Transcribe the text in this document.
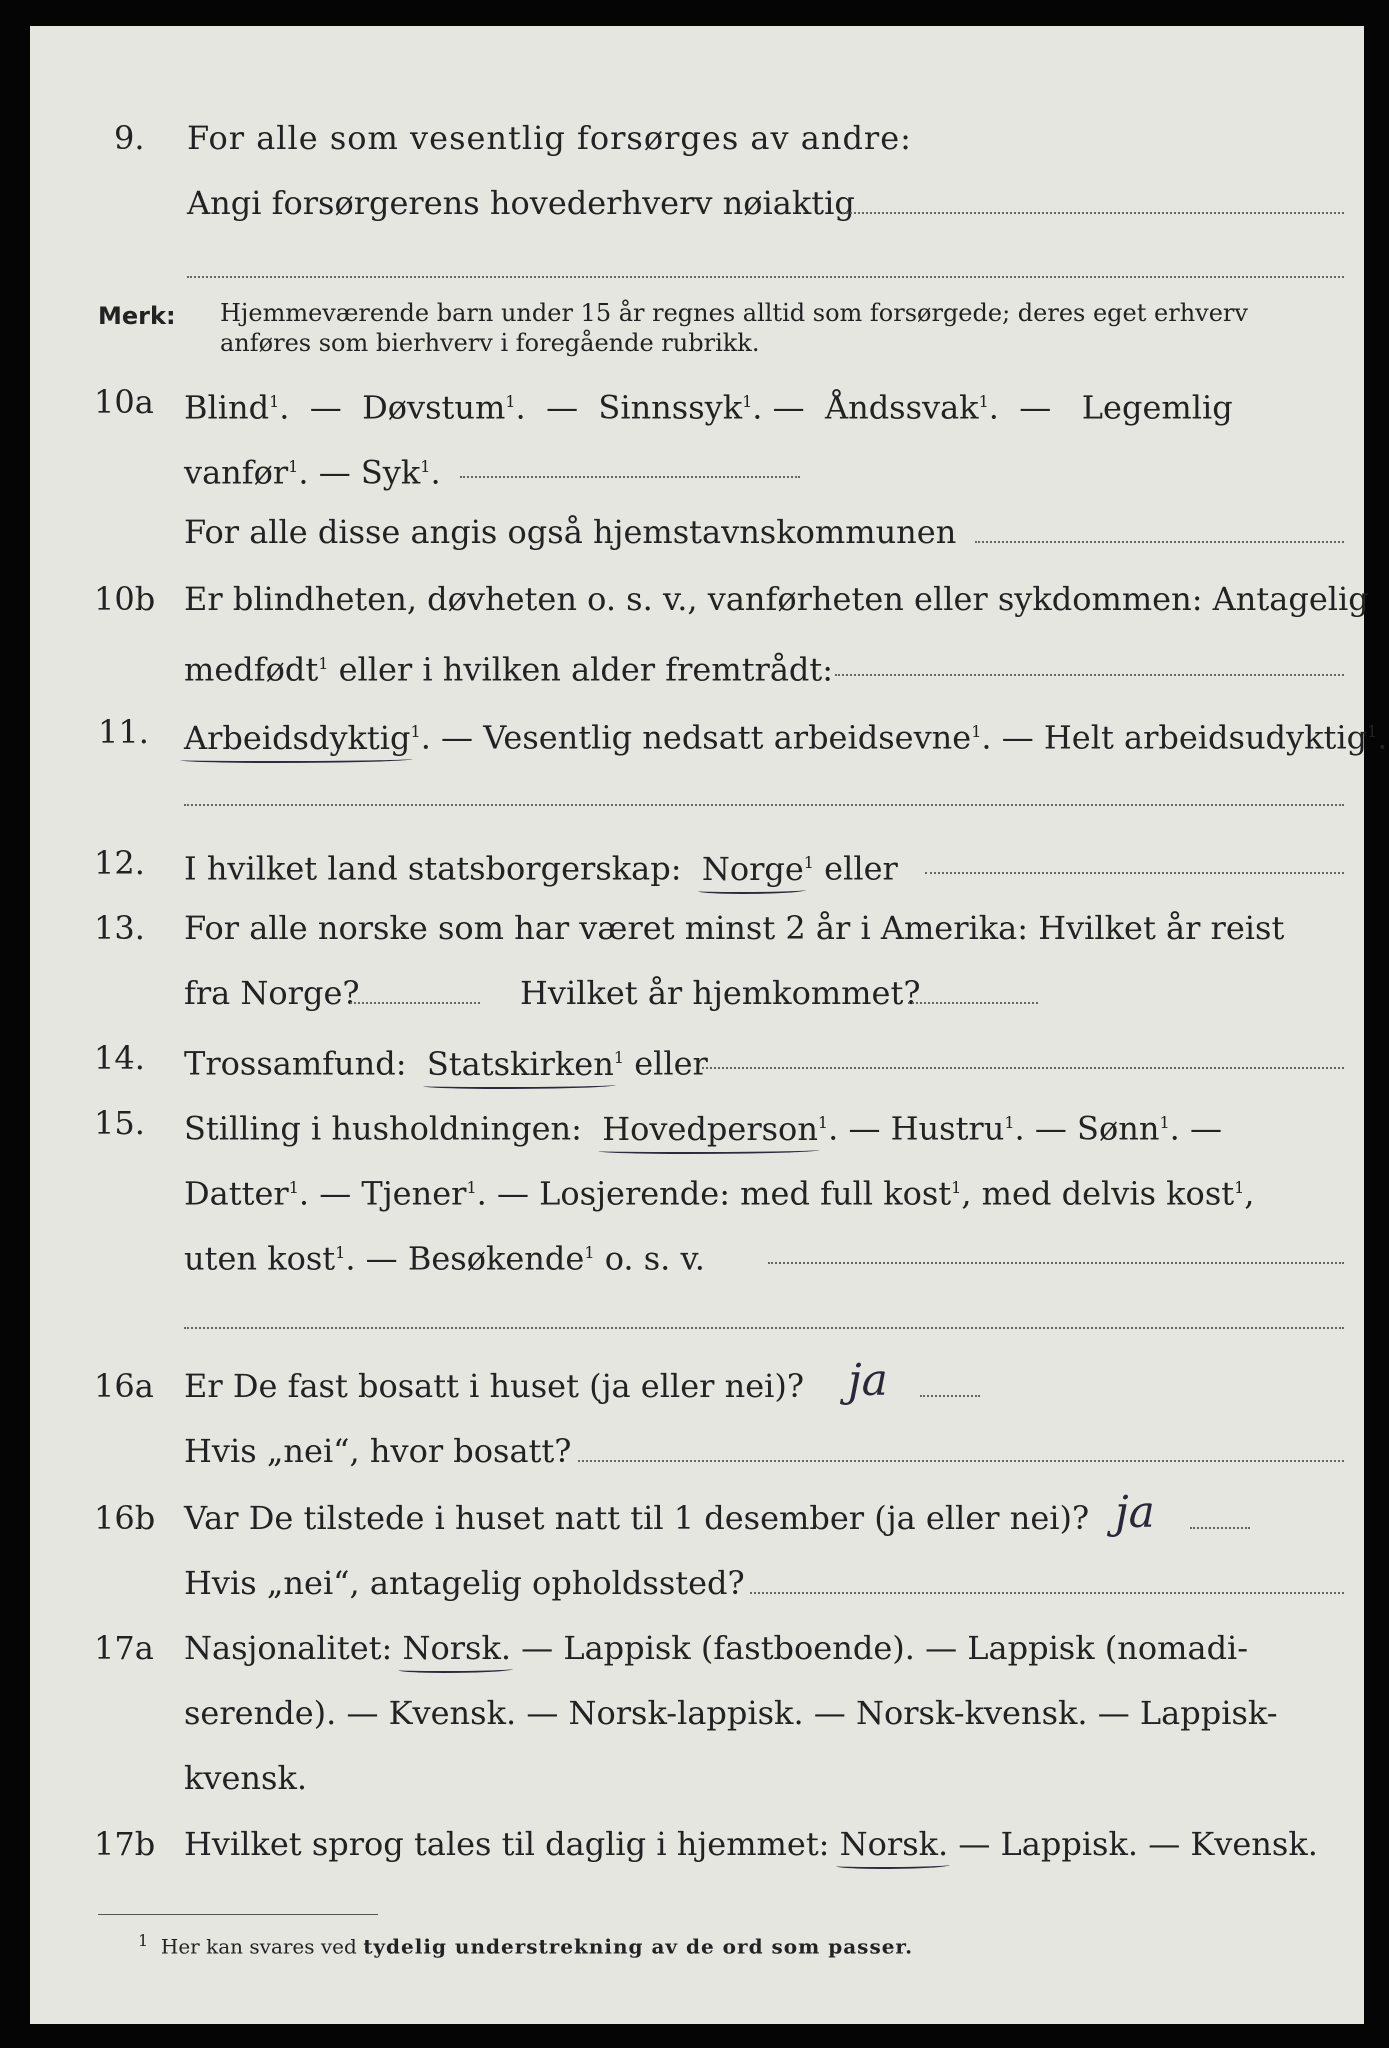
9. For alle som vesentlig forsørges av andre:
Angi forsørgerens hovederhverv nøiaktig
Merk: Hjemmeværende barn under 15 år regnes alltid som forsørgede; deres eget erhverv
anføres som bierhverv i foregående rubrikk.
10a Blind$^1$.  —  Døvstum$^1$.  —  Sinnssyk$^1$. —  Åndssvak$^1$.  —   Legemlig
vanfør$^1$. — Syk$^1$.
For alle disse angis også hjemstavnskommunen
10b Er blindheten, døvheten o. s. v., vanførheten eller sykdommen: Antagelig
medfødt$^1$ eller i hvilken alder fremtrådt:
11. Arbeidsdyktig$^1$. — Vesentlig nedsatt arbeidsevne$^1$. — Helt arbeidsudyktig$^1$.
12. I hvilket land statsborgerskap: Norge$^1$ eller
13. For alle norske som har været minst 2 år i Amerika: Hvilket år reist
fra Norge?	Hvilket år hjemkommet?
14. Trossamfund: Statskirken$^1$ eller
15. Stilling i husholdningen: Hovedperson$^1$. — Hustru$^1$. — Sønn$^1$. —
Datter$^1$. — Tjener$^1$. — Losjerende: med full kost$^1$, med delvis kost$^1$,
uten kost$^1$. — Besøkende$^1$ o. s. v.
16a Er De fast bosatt i huset (ja eller nei)? ja
Hvis „nei“, hvor bosatt?
16b Var De tilstede i huset natt til 1 desember (ja eller nei)? ja
Hvis „nei“, antagelig opholdssted?
17a Nasjonalitet: Norsk. — Lappisk (fastboende). — Lappisk (nomadi-
serende). — Kvensk. — Norsk-lappisk. — Norsk-kvensk. — Lappisk-
kvensk.
17b Hvilket sprog tales til daglig i hjemmet: Norsk. — Lappisk. — Kvensk.
$^1$ Her kan svares ved tydelig understrekning av de ord som passer.
